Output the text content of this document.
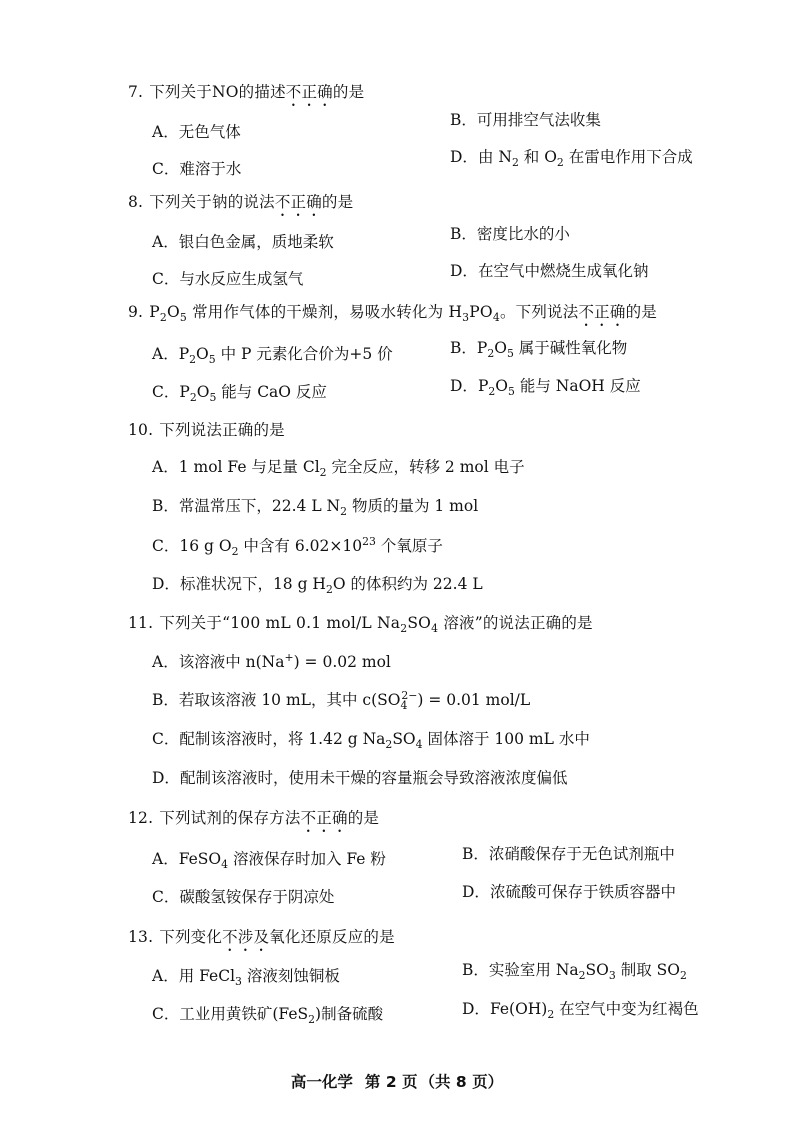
7. 下列关于NO的描述不正确的是
A．无色气体
B．可用排空气法收集
C．难溶于水
D．由 $N_2$ 和 $O_2$ 在雷电作用下合成
8. 下列关于钠的说法不正确的是
A．银白色金属，质地柔软	B．密度比水的小
C．与水反应生成氢气	D．在空气中燃烧生成氧化钠
9. $P_2O_5$ 常用作气体的干燥剂，易吸水转化为 $H_3PO_4$。下列说法不正确的是
A．$P_2O_5$ 中 P 元素化合价为+5 价	B．$P_2O_5$ 属于碱性氧化物
C．$P_2O_5$ 能与 CaO 反应	D．$P_2O_5$ 能与 NaOH 反应
10. 下列说法正确的是
A．1 mol Fe 与足量 $Cl_2$ 完全反应，转移 2 mol 电子
B．常温常压下，22.4 L $N_2$ 物质的量为 1 mol
C．16 g $O_2$ 中含有 $6.02\times 10^{23}$ 个氧原子
D．标准状况下，18 g $H_2O$ 的体积约为 22.4 L
11. 下列关于“100 mL 0.1 mol/L $Na_2SO_4$ 溶液”的说法正确的是
A．该溶液中 n(Na+) = 0.02 mol
B．若取该溶液 10 mL，其中 $c(SO_4^{2-}) = 0.01$ mol/L
C．配制该溶液时，将 1.42 g $Na_2SO_4$ 固体溶于 100 mL 水中
D．配制该溶液时，使用未干燥的容量瓶会导致溶液浓度偏低
12. 下列试剂的保存方法不正确的是
A．FeSO$_4$ 溶液保存时加入 Fe 粉	B．浓硝酸保存于无色试剂瓶中
C．碳酸氢铵保存于阴凉处	D．浓硫酸可保存于铁质容器中
13. 下列变化不涉及氧化还原反应的是
A．用 FeCl$_3$ 溶液刻蚀铜板	B．实验室用 $Na_2SO_3$ 制取 $SO_2$
C．工业用黄铁矿(FeS$_2$)制备硫酸	D．$Fe(OH)_2$ 在空气中变为红褐色
高一化学 第 2 页 （共 8 页）
